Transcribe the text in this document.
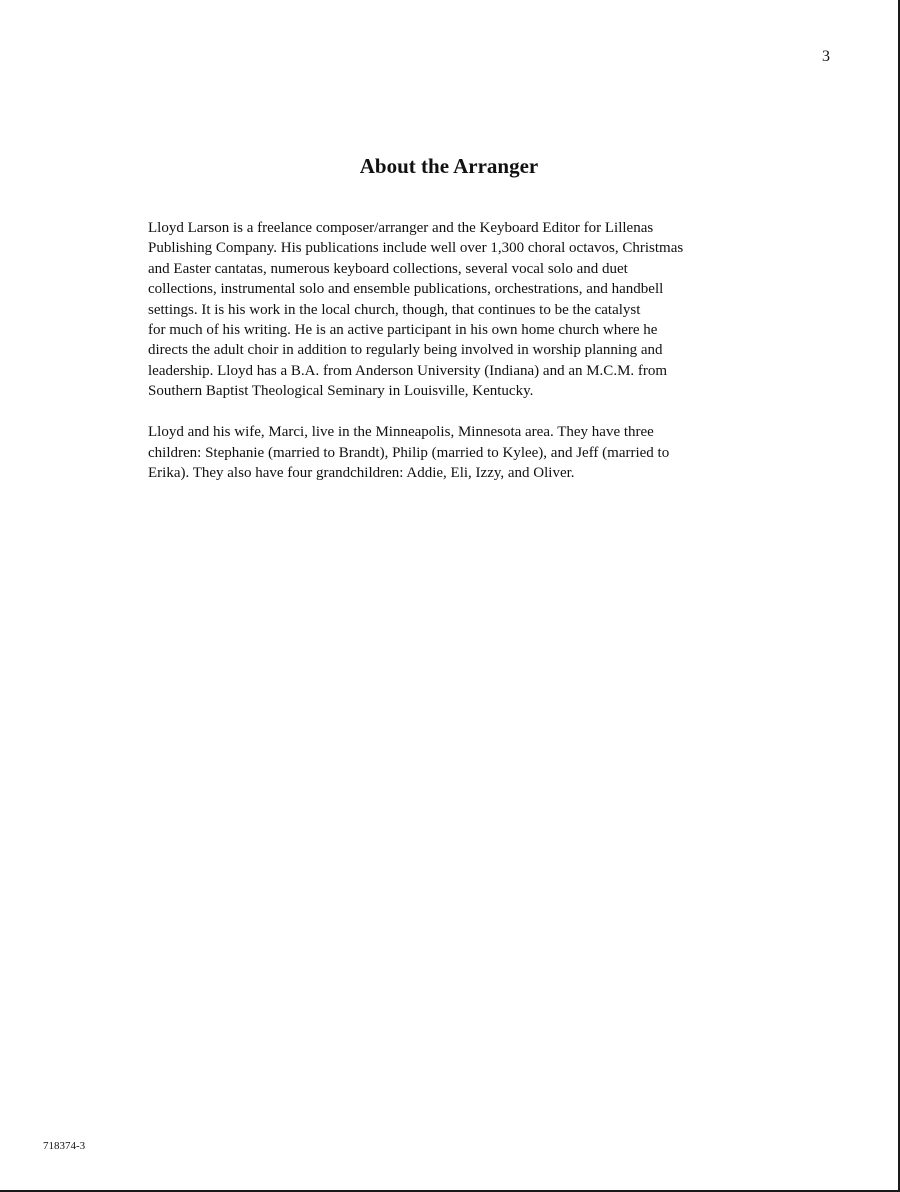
3
About the Arranger

Lloyd Larson is a freelance composer/arranger and the Keyboard Editor for Lillenas
Publishing Company. His publications include well over 1,300 choral octavos, Christmas
and Easter cantatas, numerous keyboard collections, several vocal solo and duet
collections, instrumental solo and ensemble publications, orchestrations, and handbell
settings. It is his work in the local church, though, that continues to be the catalyst
for much of his writing. He is an active participant in his own home church where he
directs the adult choir in addition to regularly being involved in worship planning and
leadership. Lloyd has a B.A. from Anderson University (Indiana) and an M.C.M. from
Southern Baptist Theological Seminary in Louisville, Kentucky.

Lloyd and his wife, Marci, live in the Minneapolis, Minnesota area. They have three
children: Stephanie (married to Brandt), Philip (married to Kylee), and Jeff (married to
Erika). They also have four grandchildren: Addie, Eli, Izzy, and Oliver.

718374-3
